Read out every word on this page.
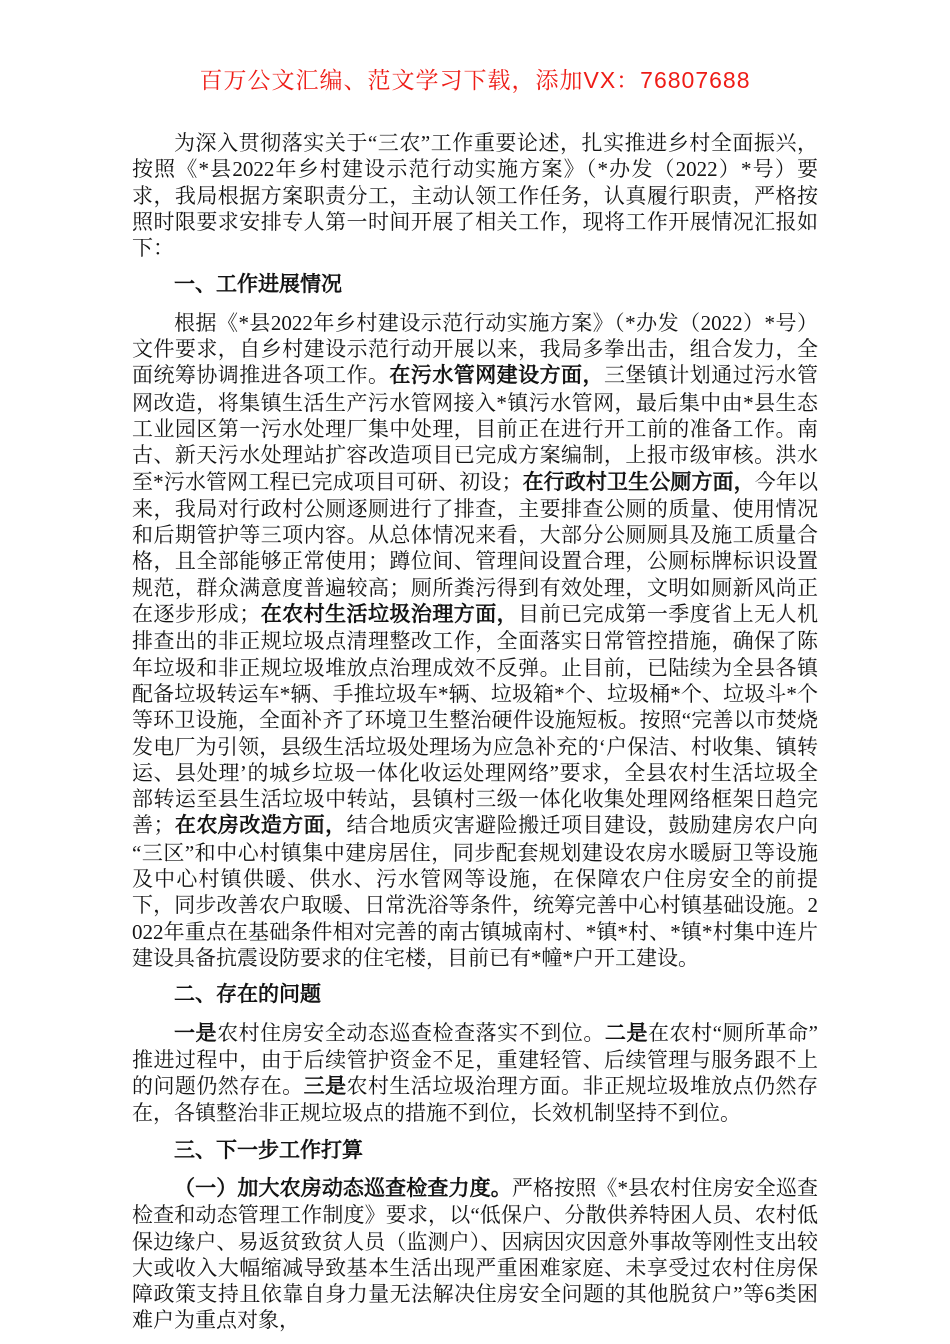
百万公文汇编、范文学习下载，添加VX：76807688

为深入贯彻落实关于“三农”工作重要论述，扎实推进乡村全面振兴，按照《*县2022年乡村建设示范行动实施方案》（*办发（2022）*号）要求，我局根据方案职责分工，主动认领工作任务，认真履行职责，严格按照时限要求安排专人第一时间开展了相关工作，现将工作开展情况汇报如下：

一、工作进展情况

根据《*县2022年乡村建设示范行动实施方案》（*办发（2022）*号）文件要求，自乡村建设示范行动开展以来，我局多拳出击，组合发力，全面统筹协调推进各项工作。在污水管网建设方面，三堡镇计划通过污水管网改造，将集镇生活生产污水管网接入*镇污水管网，最后集中由*县生态工业园区第一污水处理厂集中处理，目前正在进行开工前的准备工作。南古、新天污水处理站扩容改造项目已完成方案编制，上报市级审核。洪水至*污水管网工程已完成项目可研、初设；在行政村卫生公厕方面，今年以来，我局对行政村公厕逐厕进行了排查，主要排查公厕的质量、使用情况和后期管护等三项内容。从总体情况来看，大部分公厕厕具及施工质量合格，且全部能够正常使用；蹲位间、管理间设置合理，公厕标牌标识设置规范，群众满意度普遍较高；厕所粪污得到有效处理，文明如厕新风尚正在逐步形成；在农村生活垃圾治理方面，目前已完成第一季度省上无人机排查出的非正规垃圾点清理整改工作，全面落实日常管控措施，确保了陈年垃圾和非正规垃圾堆放点治理成效不反弹。止目前，已陆续为全县各镇配备垃圾转运车*辆、手推垃圾车*辆、垃圾箱*个、垃圾桶*个、垃圾斗*个等环卫设施，全面补齐了环境卫生整治硬件设施短板。按照“完善以市焚烧发电厂为引领，县级生活垃圾处理场为应急补充的‘户保洁、村收集、镇转运、县处理’的城乡垃圾一体化收运处理网络”要求，全县农村生活垃圾全部转运至县生活垃圾中转站，县镇村三级一体化收集处理网络框架日趋完善；在农房改造方面，结合地质灾害避险搬迁项目建设，鼓励建房农户向“三区”和中心村镇集中建房居住，同步配套规划建设农房水暖厨卫等设施及中心村镇供暖、供水、污水管网等设施，在保障农户住房安全的前提下，同步改善农户取暖、日常洗浴等条件，统筹完善中心村镇基础设施。2022年重点在基础条件相对完善的南古镇城南村、*镇*村、*镇*村集中连片建设具备抗震设防要求的住宅楼，目前已有*幢*户开工建设。

二、存在的问题

一是农村住房安全动态巡查检查落实不到位。二是在农村“厕所革命”推进过程中，由于后续管护资金不足，重建轻管、后续管理与服务跟不上的问题仍然存在。三是农村生活垃圾治理方面。非正规垃圾堆放点仍然存在，各镇整治非正规垃圾点的措施不到位，长效机制坚持不到位。

三、下一步工作打算

（一）加大农房动态巡查检查力度。严格按照《*县农村住房安全巡查检查和动态管理工作制度》要求，以“低保户、分散供养特困人员、农村低保边缘户、易返贫致贫人员（监测户）、因病因灾因意外事故等刚性支出较大或收入大幅缩减导致基本生活出现严重困难家庭、未享受过农村住房保障政策支持且依靠自身力量无法解决住房安全问题的其他脱贫户”等6类困难户为重点对象，
